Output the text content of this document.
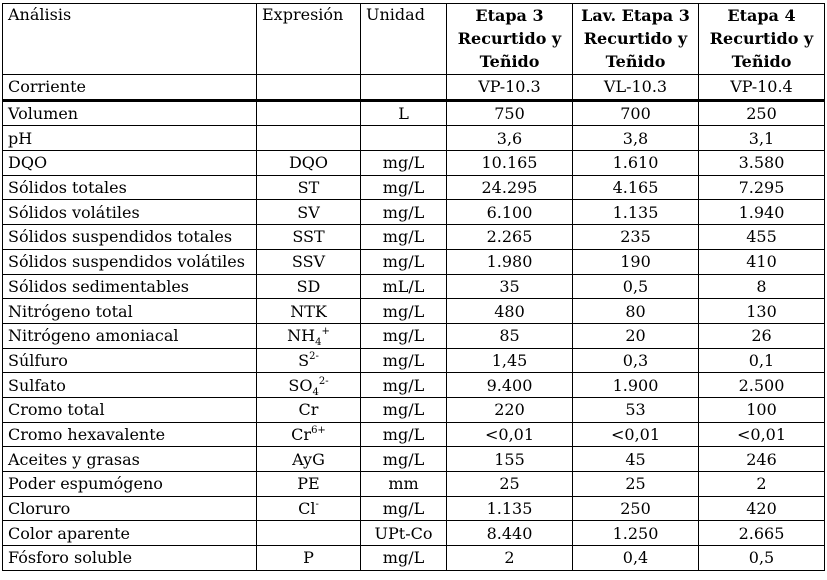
Análisis	Expresión	Unidad	Etapa 3
Recurtido y
Teñido	Lav. Etapa 3
Recurtido y
Teñido	Etapa 4
Recurtido y
Teñido
Corriente			VP-10.3	VL-10.3	VP-10.4
Volumen		L	750	700	250
pH			3,6	3,8	3,1
DQO	DQO	mg/L	10.165	1.610	3.580
Sólidos totales	ST	mg/L	24.295	4.165	7.295
Sólidos volátiles	SV	mg/L	6.100	1.135	1.940
Sólidos suspendidos totales	SST	mg/L	2.265	235	455
Sólidos suspendidos volátiles	SSV	mg/L	1.980	190	410
Sólidos sedimentables	SD	mL/L	35	0,5	8
Nitrógeno total	NTK	mg/L	480	80	130
Nitrógeno amoniacal	$NH_4^+$	mg/L	85	20	26
Súlfuro	$S^{2-}$	mg/L	1,45	0,3	0,1
Sulfato	$SO_4^{2-}$	mg/L	9.400	1.900	2.500
Cromo total	Cr	mg/L	220	53	100
Cromo hexavalente	$Cr^{6+}$	mg/L	<0,01	<0,01	<0,01
Aceites y grasas	AyG	mg/L	155	45	246
Poder espumógeno	PE	mm	25	25	2
Cloruro	Cl-	mg/L	1.135	250	420
Color aparente		UPt-Co	8.440	1.250	2.665
Fósforo soluble	P	mg/L	2	0,4	0,5
